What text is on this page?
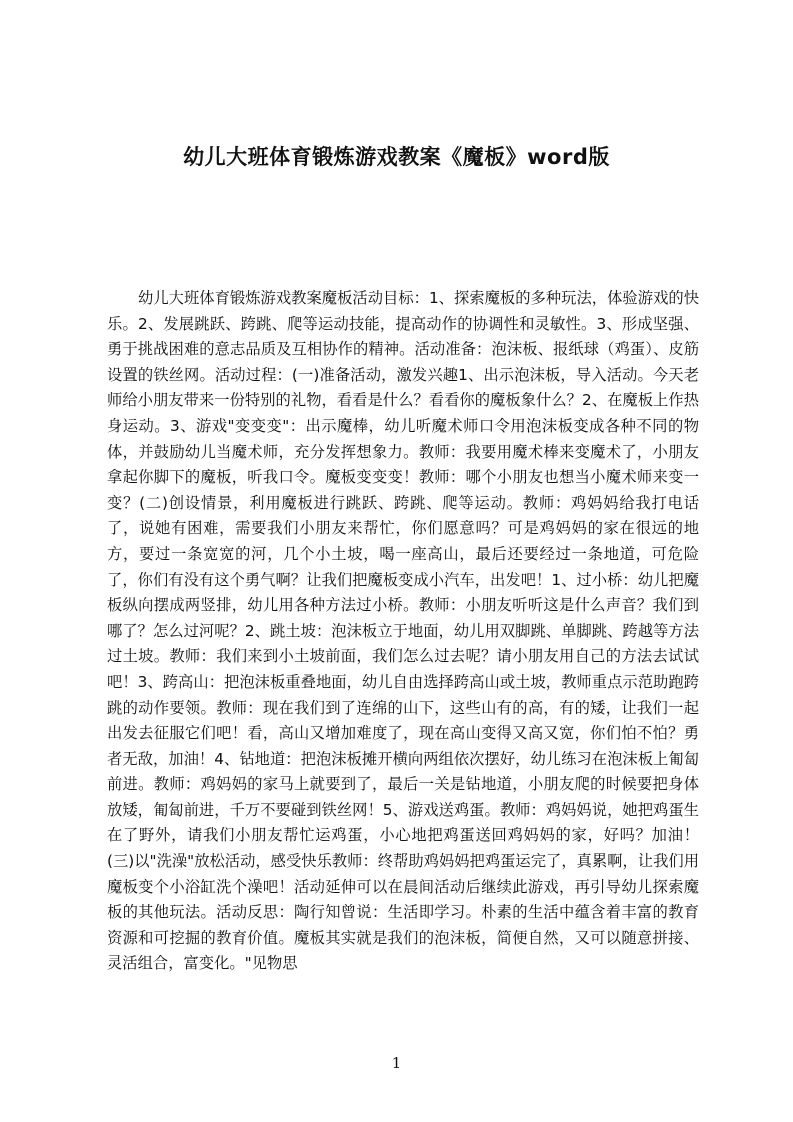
幼儿大班体育锻炼游戏教案《魔板》word版

幼儿大班体育锻炼游戏教案魔板活动目标：1、探索魔板的多种玩法，体验游戏的快乐。2、发展跳跃、跨跳、爬等运动技能，提高动作的协调性和灵敏性。3、形成坚强、勇于挑战困难的意志品质及互相协作的精神。活动准备：泡沫板、报纸球（鸡蛋）、皮筋设置的铁丝网。活动过程：(一)准备活动，激发兴趣1、出示泡沫板，导入活动。今天老师给小朋友带来一份特别的礼物，看看是什么？看看你的魔板象什么？2、在魔板上作热身运动。3、游戏"变变变"：出示魔棒，幼儿听魔术师口令用泡沫板变成各种不同的物体，并鼓励幼儿当魔术师，充分发挥想象力。教师：我要用魔术棒来变魔术了，小朋友拿起你脚下的魔板，听我口令。魔板变变变！教师：哪个小朋友也想当小魔术师来变一变？(二)创设情景，利用魔板进行跳跃、跨跳、爬等运动。教师：鸡妈妈给我打电话了，说她有困难，需要我们小朋友来帮忙，你们愿意吗？可是鸡妈妈的家在很远的地方，要过一条宽宽的河，几个小土坡，喝一座高山，最后还要经过一条地道，可危险了，你们有没有这个勇气啊？让我们把魔板变成小汽车，出发吧！1、过小桥：幼儿把魔板纵向摆成两竖排，幼儿用各种方法过小桥。教师：小朋友听听这是什么声音？我们到哪了？怎么过河呢？2、跳土坡：泡沫板立于地面，幼儿用双脚跳、单脚跳、跨越等方法过土坡。教师：我们来到小土坡前面，我们怎么过去呢？请小朋友用自己的方法去试试吧！3、跨高山：把泡沫板重叠地面，幼儿自由选择跨高山或土坡，教师重点示范助跑跨跳的动作要领。教师：现在我们到了连绵的山下，这些山有的高，有的矮，让我们一起出发去征服它们吧！看，高山又增加难度了，现在高山变得又高又宽，你们怕不怕？勇者无敌，加油！4、钻地道：把泡沫板摊开横向两组依次摆好，幼儿练习在泡沫板上匍匐前进。教师：鸡妈妈的家马上就要到了，最后一关是钻地道，小朋友爬的时候要把身体放矮，匍匐前进，千万不要碰到铁丝网！5、游戏送鸡蛋。教师：鸡妈妈说，她把鸡蛋生在了野外，请我们小朋友帮忙运鸡蛋，小心地把鸡蛋送回鸡妈妈的家，好吗？加油！(三)以"洗澡"放松活动，感受快乐教师：终帮助鸡妈妈把鸡蛋运完了，真累啊，让我们用魔板变个小浴缸洗个澡吧！活动延伸可以在晨间活动后继续此游戏，再引导幼儿探索魔板的其他玩法。活动反思：陶行知曾说：生活即学习。朴素的生活中蕴含着丰富的教育资源和可挖掘的教育价值。魔板其实就是我们的泡沫板，简便自然，又可以随意拼接、灵活组合，富变化。"见物思

1
